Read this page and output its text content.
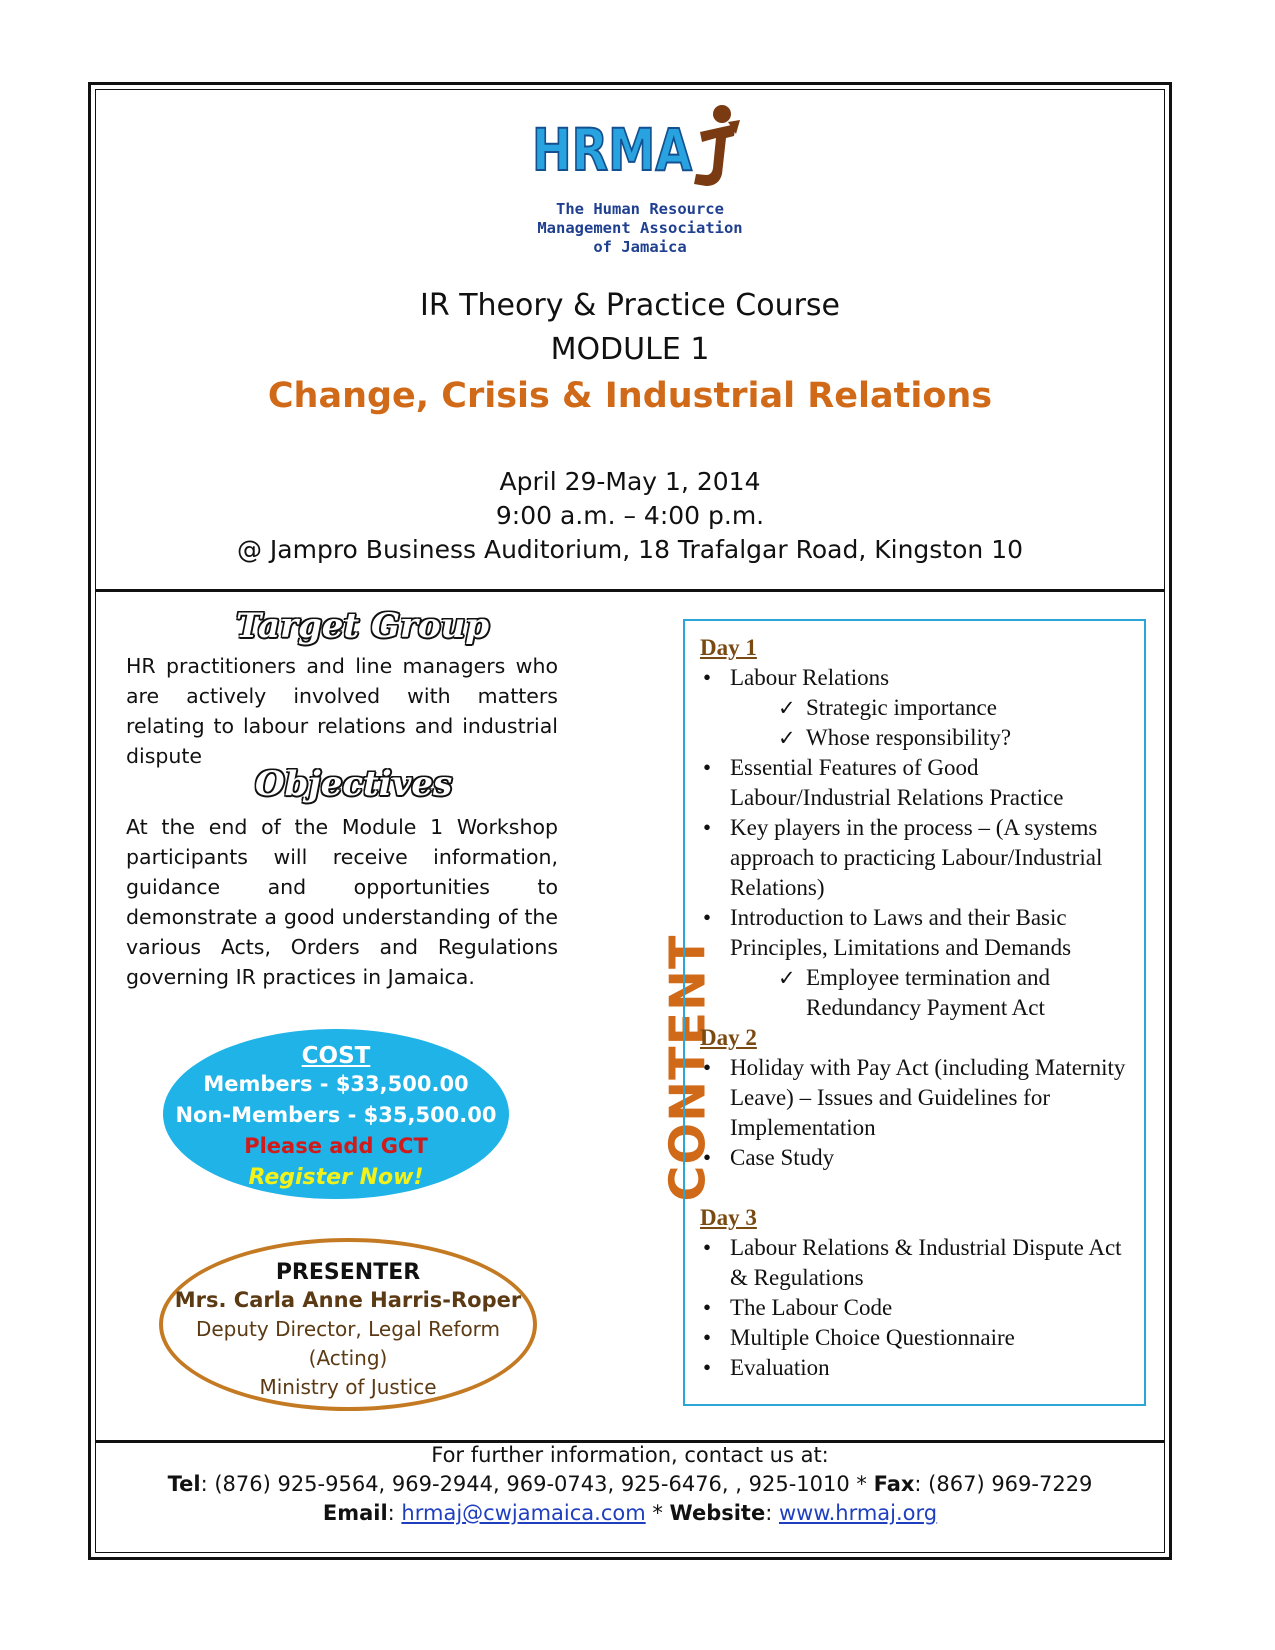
HRMA
The Human Resource
Management Association
of Jamaica
IR Theory & Practice Course
MODULE 1
Change, Crisis & Industrial Relations
April 29-May 1, 2014
9:00 a.m. – 4:00 p.m.
@ Jampro Business Auditorium, 18 Trafalgar Road, Kingston 10
Target Group
HR practitioners and line managers who are actively involved with matters relating to labour relations and industrial dispute
Objectives
At the end of the Module 1 Workshop participants will receive information, guidance and opportunities to demonstrate a good understanding of the various Acts, Orders and Regulations governing IR practices in Jamaica.
COST
Members - $33,500.00
Non-Members - $35,500.00
Please add GCT
Register Now!
PRESENTER
Mrs. Carla Anne Harris-Roper
Deputy Director, Legal Reform
(Acting)
Ministry of Justice
CONTENT
Day 1
• Labour Relations
✓ Strategic importance
✓ Whose responsibility?
• Essential Features of Good Labour/Industrial Relations Practice
• Key players in the process – (A systems approach to practicing Labour/Industrial Relations)
• Introduction to Laws and their Basic Principles, Limitations and Demands
✓ Employee termination and Redundancy Payment Act
Day 2
• Holiday with Pay Act (including Maternity Leave) – Issues and Guidelines for Implementation
• Case Study
Day 3
• Labour Relations & Industrial Dispute Act & Regulations
• The Labour Code
• Multiple Choice Questionnaire
• Evaluation
For further information, contact us at:
Tel: (876) 925-9564, 969-2944, 969-0743, 925-6476, , 925-1010 * Fax: (867) 969-7229
Email: hrmaj@cwjamaica.com * Website: www.hrmaj.org
